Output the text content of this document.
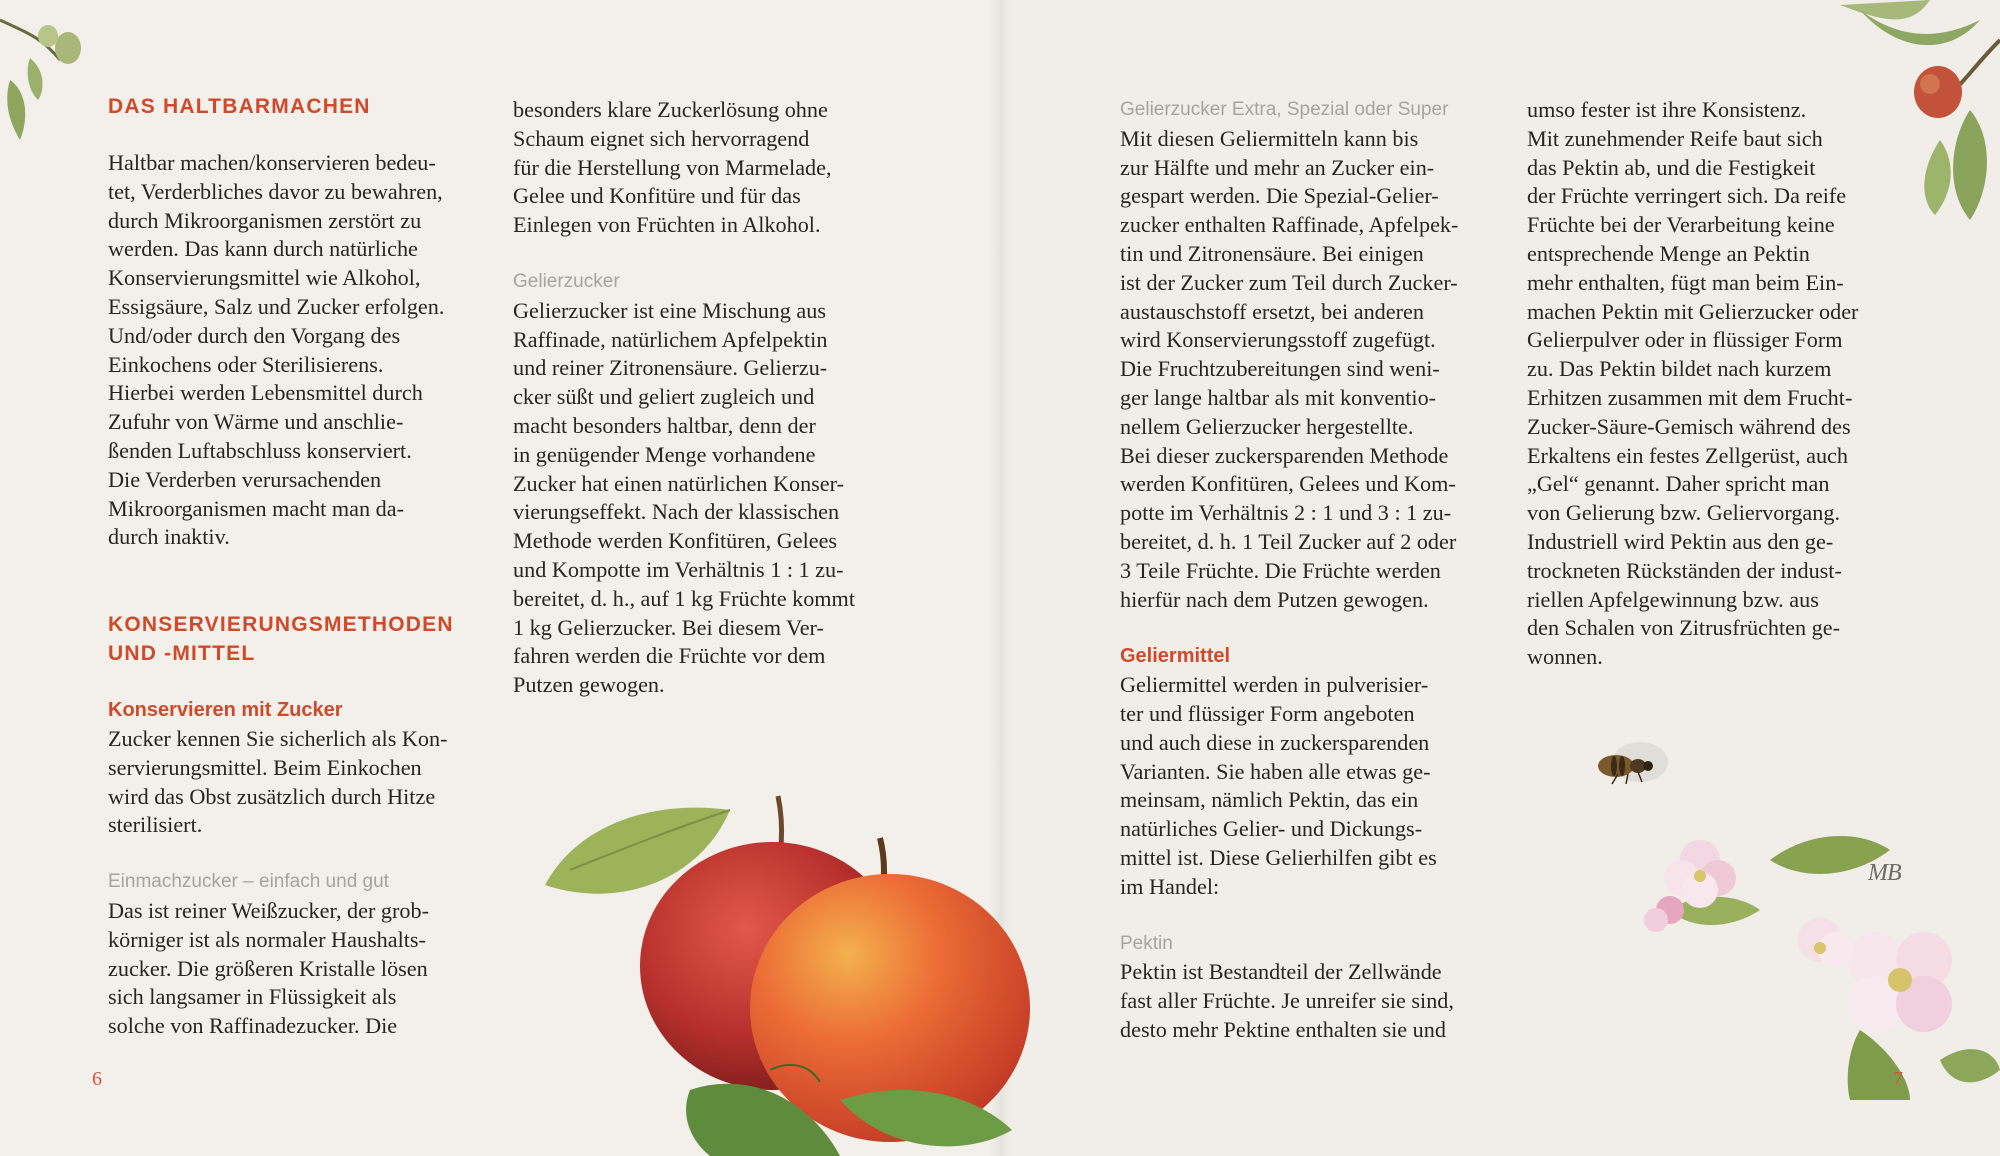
DAS HALTBARMACHEN

Haltbar machen/konservieren bedeu-
tet, Verderbliches davor zu bewahren,
durch Mikroorganismen zerstört zu
werden. Das kann durch natürliche
Konservierungsmittel wie Alkohol,
Essigsäure, Salz und Zucker erfolgen.
Und/oder durch den Vorgang des
Einkochens oder Sterilisierens.
Hierbei werden Lebensmittel durch
Zufuhr von Wärme und anschlie-
ßenden Luftabschluss konserviert.
Die Verderben verursachenden
Mikroorganismen macht man da-
durch inaktiv.

KONSERVIERUNGSMETHODEN
UND -MITTEL
Konservieren mit Zucker

Zucker kennen Sie sicherlich als Kon-
servierungsmittel. Beim Einkochen
wird das Obst zusätzlich durch Hitze
sterilisiert.

Einmachzucker – einfach und gut

Das ist reiner Weißzucker, der grob-
körniger ist als normaler Haushalts-
zucker. Die größeren Kristalle lösen
sich langsamer in Flüssigkeit als
solche von Raffinadezucker. Die

besonders klare Zuckerlösung ohne
Schaum eignet sich hervorragend
für die Herstellung von Marmelade,
Gelee und Konfitüre und für das
Einlegen von Früchten in Alkohol.

Gelierzucker

Gelierzucker ist eine Mischung aus
Raffinade, natürlichem Apfelpektin
und reiner Zitronensäure. Gelierzu-
cker süßt und geliert zugleich und
macht besonders haltbar, denn der
in genügender Menge vorhandene
Zucker hat einen natürlichen Konser-
vierungseffekt. Nach der klassischen
Methode werden Konfitüren, Gelees
und Kompotte im Verhältnis 1 : 1 zu-
bereitet, d. h., auf 1 kg Früchte kommt
1 kg Gelierzucker. Bei diesem Ver-
fahren werden die Früchte vor dem
Putzen gewogen.

Gelierzucker Extra, Spezial oder Super

Mit diesen Geliermitteln kann bis
zur Hälfte und mehr an Zucker ein-
gespart werden. Die Spezial-Gelier-
zucker enthalten Raffinade, Apfelpek-
tin und Zitronensäure. Bei einigen
ist der Zucker zum Teil durch Zucker-
austauschstoff ersetzt, bei anderen
wird Konservierungsstoff zugefügt.
Die Fruchtzubereitungen sind weni-
ger lange haltbar als mit konventio-
nellem Gelierzucker hergestellte.
Bei dieser zuckersparenden Methode
werden Konfitüren, Gelees und Kom-
potte im Verhältnis 2 : 1 und 3 : 1 zu-
bereitet, d. h. 1 Teil Zucker auf 2 oder
3 Teile Früchte. Die Früchte werden
hierfür nach dem Putzen gewogen.

Geliermittel

Geliermittel werden in pulverisier-
ter und flüssiger Form angeboten
und auch diese in zuckersparenden
Varianten. Sie haben alle etwas ge-
meinsam, nämlich Pektin, das ein
natürliches Gelier- und Dickungs-
mittel ist. Diese Gelierhilfen gibt es
im Handel:

Pektin

Pektin ist Bestandteil der Zellwände
fast aller Früchte. Je unreifer sie sind,
desto mehr Pektine enthalten sie und

umso fester ist ihre Konsistenz.
Mit zunehmender Reife baut sich
das Pektin ab, und die Festigkeit
der Früchte verringert sich. Da reife
Früchte bei der Verarbeitung keine
entsprechende Menge an Pektin
mehr enthalten, fügt man beim Ein-
machen Pektin mit Gelierzucker oder
Gelierpulver oder in flüssiger Form
zu. Das Pektin bildet nach kurzem
Erhitzen zusammen mit dem Frucht-
Zucker-Säure-Gemisch während des
Erkaltens ein festes Zellgerüst, auch
„Gel“ genannt. Daher spricht man
von Gelierung bzw. Geliervorgang.
Industriell wird Pektin aus den ge-
trockneten Rückständen der indust-
riellen Apfelgewinnung bzw. aus
den Schalen von Zitrusfrüchten ge-
wonnen.

MB
6	7
